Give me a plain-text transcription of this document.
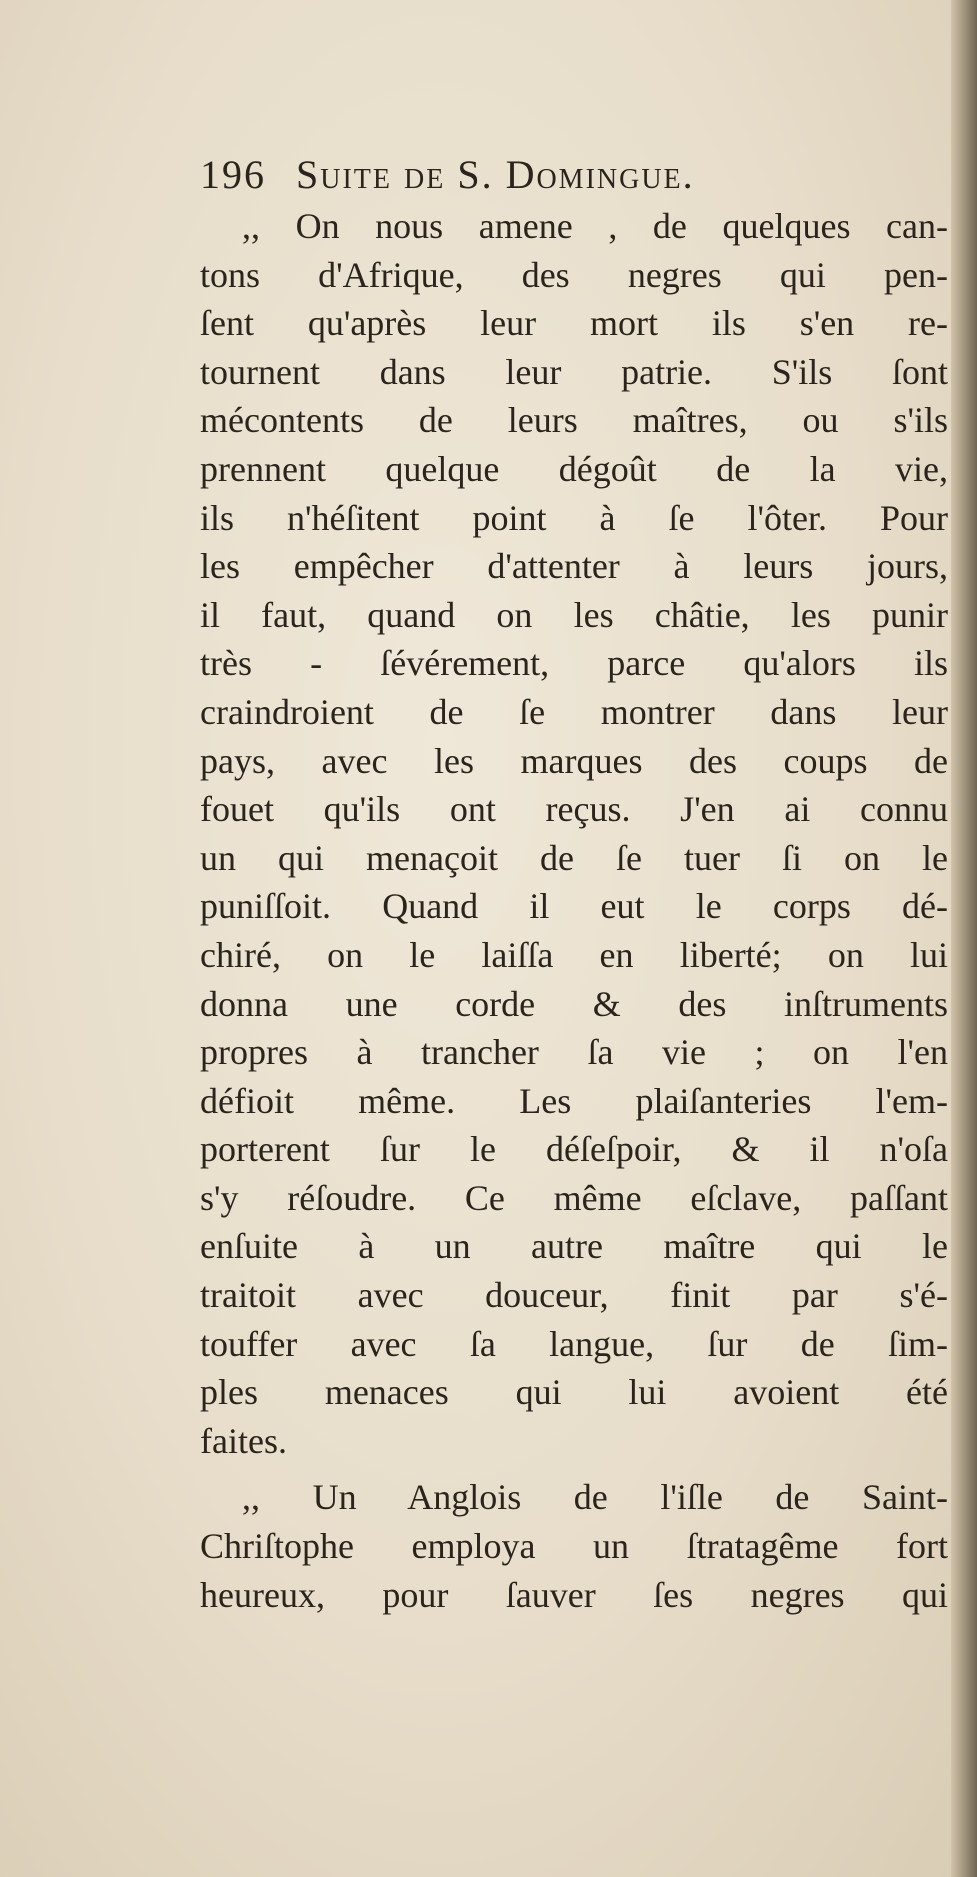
196 Suite de S. Domingue.
,, On nous amene , de quelques can-
tons d'Afrique, des negres qui pen-
ſent qu'après leur mort ils s'en re-
tournent dans leur patrie. S'ils ſont
mécontents de leurs maîtres, ou s'ils
prennent quelque dégoût de la vie,
ils n'héſitent point à ſe l'ôter. Pour
les empêcher d'attenter à leurs jours,
il faut, quand on les châtie, les punir
très - ſévérement, parce qu'alors ils
craindroient de ſe montrer dans leur
pays, avec les marques des coups de
fouet qu'ils ont reçus. J'en ai connu
un qui menaçoit de ſe tuer ſi on le
puniſſoit. Quand il eut le corps dé-
chiré, on le laiſſa en liberté; on lui
donna une corde & des inſtruments
propres à trancher ſa vie ; on l'en
défioit même. Les plaiſanteries l'em-
porterent ſur le déſeſpoir, & il n'oſa
s'y réſoudre. Ce même eſclave, paſſant
enſuite à un autre maître qui le
traitoit avec douceur, finit par s'é-
touffer avec ſa langue, ſur de ſim-
ples menaces qui lui avoient été
faites.
,, Un Anglois de l'iſle de Saint-
Chriſtophe employa un ſtratagême fort
heureux, pour ſauver ſes negres qui
